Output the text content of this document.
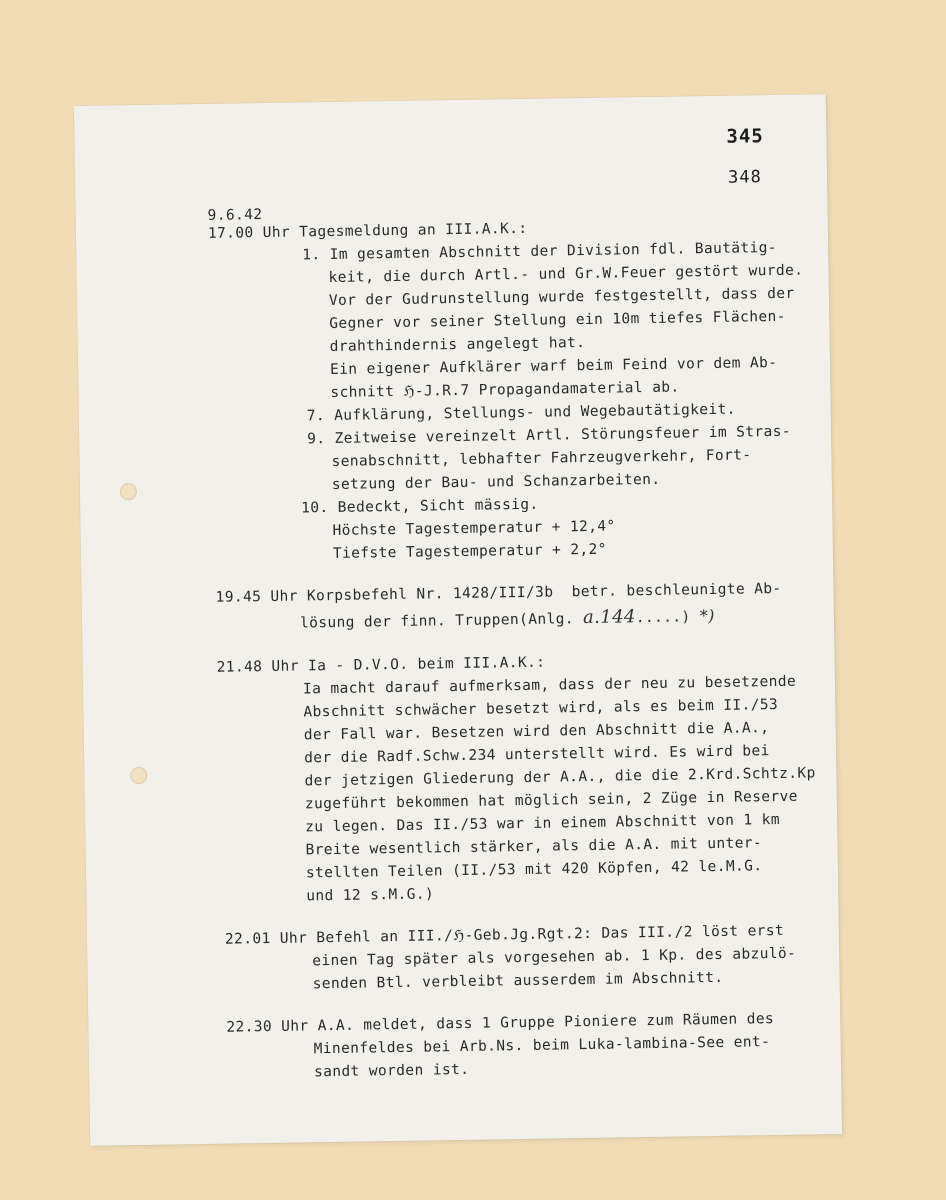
345
348
9.6.42
17.00 Uhr Tagesmeldung an III.A.K.:
1. Im gesamten Abschnitt der Division fdl. Bautätig-
keit, die durch Artl.- und Gr.W.Feuer gestört wurde.
Vor der Gudrunstellung wurde festgestellt, dass der
Gegner vor seiner Stellung ein 10m tiefes Flächen-
drahthindernis angelegt hat.
Ein eigener Aufklärer warf beim Feind vor dem Ab-
schnitt ℌ-J.R.7 Propagandamaterial ab.
7. Aufklärung, Stellungs- und Wegebautätigkeit.
9. Zeitweise vereinzelt Artl. Störungsfeuer im Stras-
senabschnitt, lebhafter Fahrzeugverkehr, Fort-
setzung der Bau- und Schanzarbeiten.
10. Bedeckt, Sicht mässig.
Höchste Tagestemperatur + 12,4°
Tiefste Tagestemperatur + 2,2°
19.45 Uhr Korpsbefehl Nr. 1428/III/3b  betr. beschleunigte Ab-
lösung der finn. Truppen(Anlg. a.144.....) *)
21.48 Uhr Ia - D.V.O. beim III.A.K.:
Ia macht darauf aufmerksam, dass der neu zu besetzende
Abschnitt schwächer besetzt wird, als es beim II./53
der Fall war. Besetzen wird den Abschnitt die A.A.,
der die Radf.Schw.234 unterstellt wird. Es wird bei
der jetzigen Gliederung der A.A., die die 2.Krd.Schtz.Kp
zugeführt bekommen hat möglich sein, 2 Züge in Reserve
zu legen. Das II./53 war in einem Abschnitt von 1 km
Breite wesentlich stärker, als die A.A. mit unter-
stellten Teilen (II./53 mit 420 Köpfen, 42 le.M.G.
und 12 s.M.G.)
22.01 Uhr Befehl an III./ℌ-Geb.Jg.Rgt.2: Das III./2 löst erst
einen Tag später als vorgesehen ab. 1 Kp. des abzulö-
senden Btl. verbleibt ausserdem im Abschnitt.
22.30 Uhr A.A. meldet, dass 1 Gruppe Pioniere zum Räumen des
Minenfeldes bei Arb.Ns. beim Luka-lambina-See ent-
sandt worden ist.
